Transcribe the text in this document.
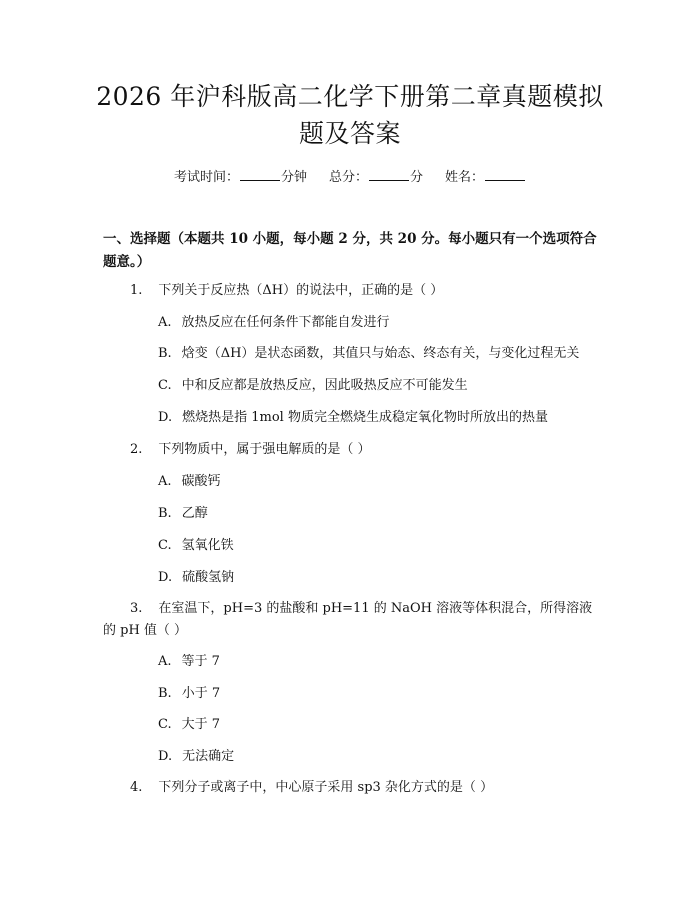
2026 年沪科版高二化学下册第二章真题模拟
题及答案
考试时间：	分钟 总分：	分 姓名：
一、选择题（本题共 10 小题，每小题 2 分，共 20 分。每小题只有一个选项符合题意。）
1. 下列关于反应热（ΔH）的说法中，正确的是（ ）
A. 放热反应在任何条件下都能自发进行
B. 焓变（ΔH）是状态函数，其值只与始态、终态有关，与变化过程无关
C. 中和反应都是放热反应，因此吸热反应不可能发生
D. 燃烧热是指 1mol 物质完全燃烧生成稳定氧化物时所放出的热量
2. 下列物质中，属于强电解质的是（ ）
A. 碳酸钙
B. 乙醇
C. 氢氧化铁
D. 硫酸氢钠
3. 在室温下，pH=3 的盐酸和 pH=11 的 NaOH 溶液等体积混合，所得溶液的 pH 值（ ）
A. 等于 7
B. 小于 7
C. 大于 7
D. 无法确定
4. 下列分子或离子中，中心原子采用 sp3 杂化方式的是（ ）
